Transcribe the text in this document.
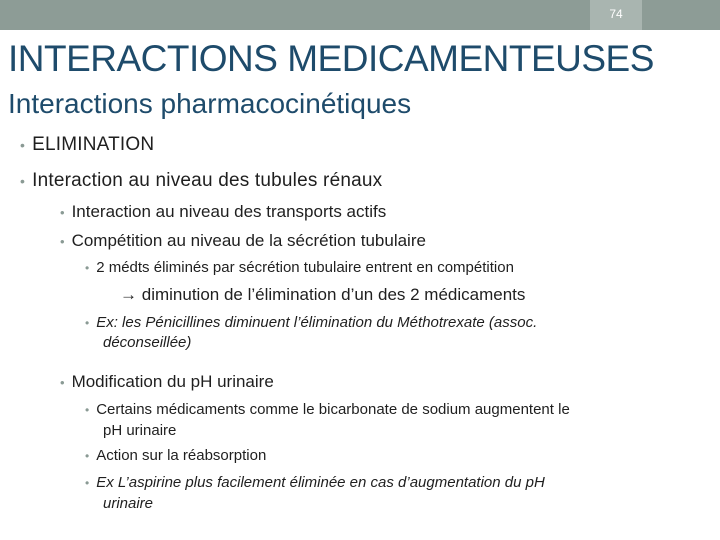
74
INTERACTIONS MEDICAMENTEUSES
Interactions pharmacocinétiques
• ELIMINATION
• Interaction au niveau des tubules rénaux
• Interaction au niveau des transports actifs
• Compétition au niveau de la sécrétion tubulaire
• 2 médts éliminés par sécrétion tubulaire entrent en compétition
→ diminution de l’élimination d’un des 2 médicaments
• Ex: les Pénicillines diminuent l’élimination du Méthotrexate (assoc.
déconseillée)
• Modification du pH urinaire
• Certains médicaments comme le bicarbonate de sodium augmentent le
pH urinaire
• Action sur la réabsorption
• Ex L’aspirine plus facilement éliminée en cas d’augmentation du pH
urinaire
